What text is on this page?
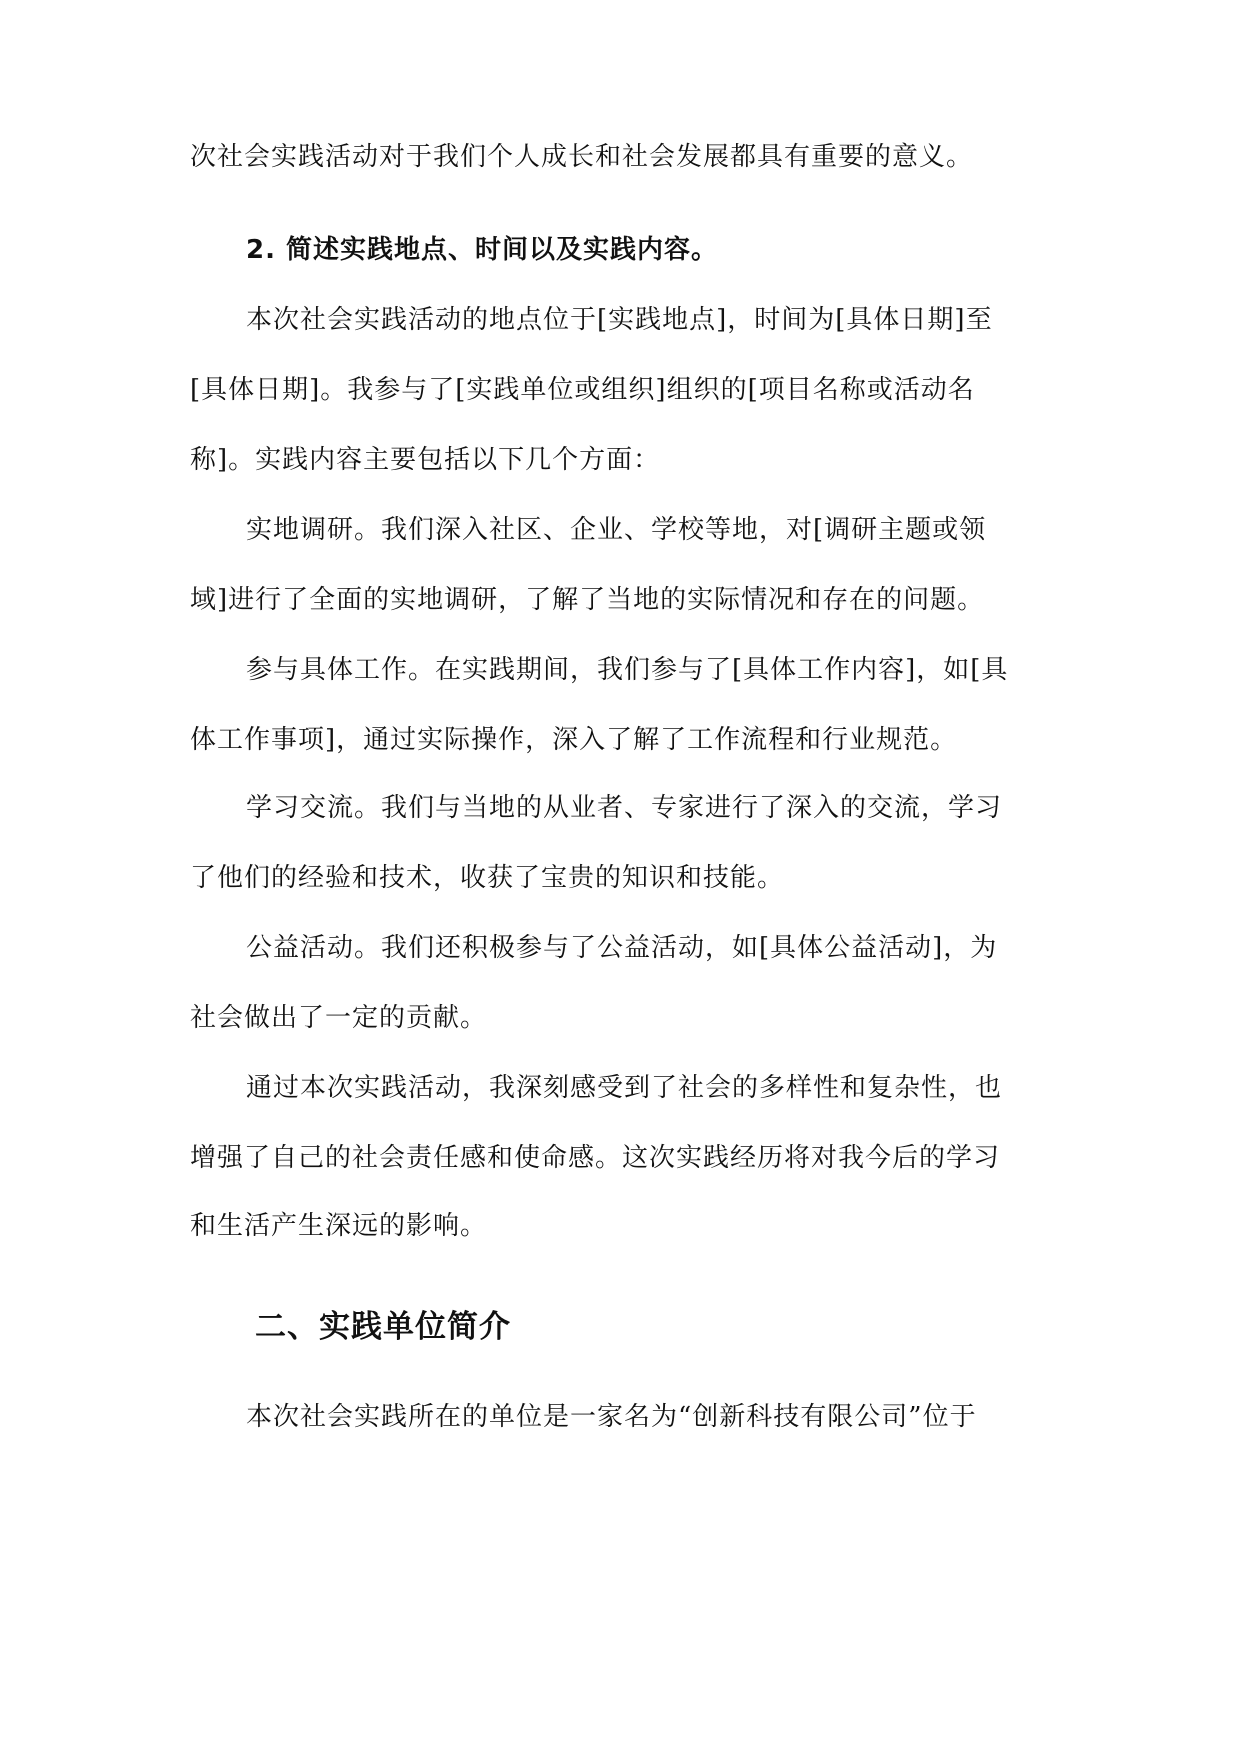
次社会实践活动对于我们个人成长和社会发展都具有重要的意义。
2. 简述实践地点、时间以及实践内容。
本次社会实践活动的地点位于[实践地点]，时间为[具体日期]至
[具体日期]。我参与了[实践单位或组织]组织的[项目名称或活动名
称]。实践内容主要包括以下几个方面：
实地调研。我们深入社区、企业、学校等地，对[调研主题或领
域]进行了全面的实地调研，了解了当地的实际情况和存在的问题。
参与具体工作。在实践期间，我们参与了[具体工作内容]，如[具
体工作事项]，通过实际操作，深入了解了工作流程和行业规范。
学习交流。我们与当地的从业者、专家进行了深入的交流，学习
了他们的经验和技术，收获了宝贵的知识和技能。
公益活动。我们还积极参与了公益活动，如[具体公益活动]，为
社会做出了一定的贡献。
通过本次实践活动，我深刻感受到了社会的多样性和复杂性，也
增强了自己的社会责任感和使命感。这次实践经历将对我今后的学习
和生活产生深远的影响。
二、实践单位简介
本次社会实践所在的单位是一家名为“创新科技有限公司”位于
